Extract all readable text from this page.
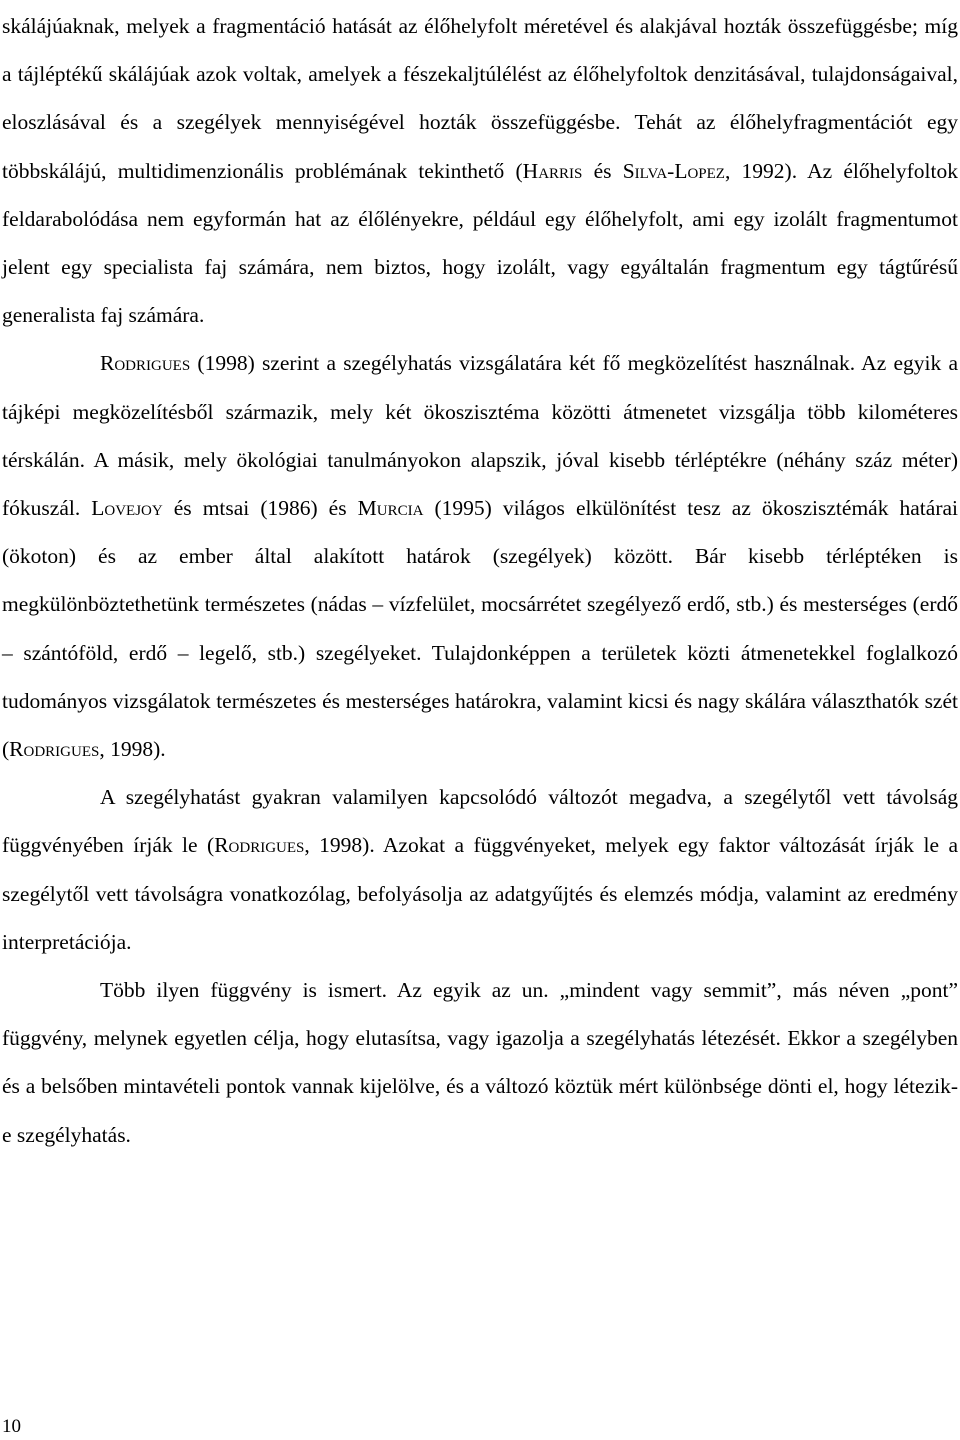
skálájúaknak, melyek a fragmentáció hatását az élőhelyfolt méretével és alakjával hozták összefüggésbe; míg a tájléptékű skálájúak azok voltak, amelyek a fészekaljtúlélést az élőhelyfoltok denzitásával, tulajdonságaival, eloszlásával és a szegélyek mennyiségével hozták összefüggésbe. Tehát az élőhelyfragmentációt egy többskálájú, multidimenzionális problémának tekinthető (Harris és Silva-Lopez, 1992). Az élőhelyfoltok feldarabolódása nem egyformán hat az élőlényekre, például egy élőhelyfolt, ami egy izolált fragmentumot jelent egy specialista faj számára, nem biztos, hogy izolált, vagy egyáltalán fragmentum egy tágtűrésű generalista faj számára.

Rodrigues (1998) szerint a szegélyhatás vizsgálatára két fő megközelítést használnak. Az egyik a tájképi megközelítésből származik, mely két ökoszisztéma közötti átmenetet vizsgálja több kilométeres térskálán. A másik, mely ökológiai tanulmányokon alapszik, jóval kisebb térléptékre (néhány száz méter) fókuszál. Lovejoy és mtsai (1986) és Murcia (1995) világos elkülönítést tesz az ökoszisztémák határai (ökoton) és az ember által alakított határok (szegélyek) között. Bár kisebb térléptéken is megkülönböztethetünk természetes (nádas – vízfelület, mocsárrétet szegélyező erdő, stb.) és mesterséges (erdő – szántóföld, erdő – legelő, stb.) szegélyeket. Tulajdonképpen a területek közti átmenetekkel foglalkozó tudományos vizsgálatok természetes és mesterséges határokra, valamint kicsi és nagy skálára választhatók szét (Rodrigues, 1998).

A szegélyhatást gyakran valamilyen kapcsolódó változót megadva, a szegélytől vett távolság függvényében írják le (Rodrigues, 1998). Azokat a függvényeket, melyek egy faktor változását írják le a szegélytől vett távolságra vonatkozólag, befolyásolja az adatgyűjtés és elemzés módja, valamint az eredmény interpretációja.

Több ilyen függvény is ismert. Az egyik az un. „mindent vagy semmit”, más néven „pont” függvény, melynek egyetlen célja, hogy elutasítsa, vagy igazolja a szegélyhatás létezését. Ekkor a szegélyben és a belsőben mintavételi pontok vannak kijelölve, és a változó köztük mért különbsége dönti el, hogy létezik-e szegélyhatás.

10
